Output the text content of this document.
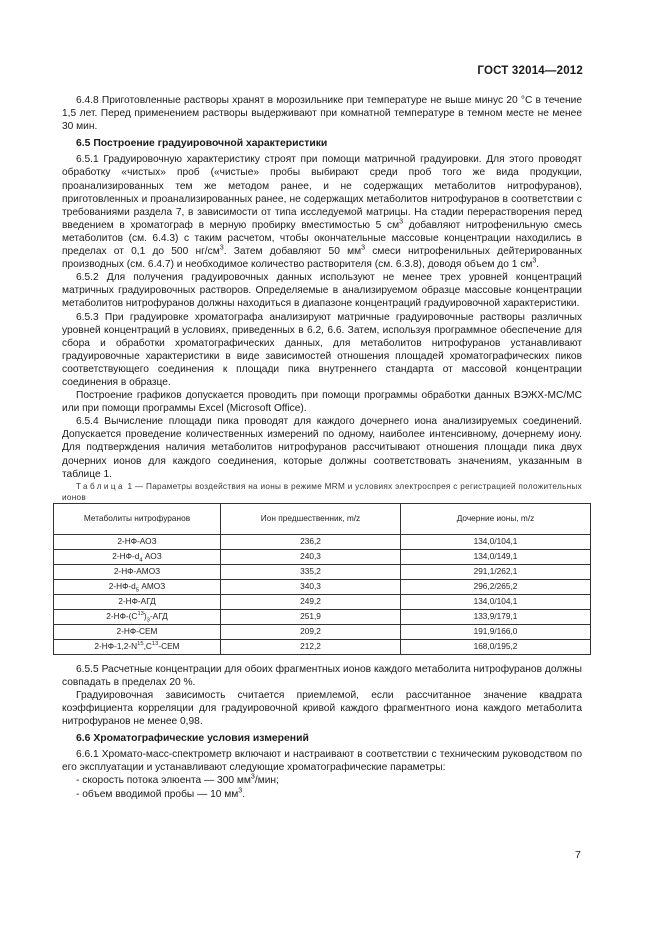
ГОСТ 32014—2012

6.4.8 Приготовленные растворы хранят в морозильнике при температуре не выше минус 20 °С в течение 1,5 лет. Перед применением растворы выдерживают при комнатной температуре в темном месте не менее 30 мин.

6.5 Построение градуировочной характеристики

6.5.1 Градуировочную характеристику строят при помощи матричной градуировки. Для этого проводят обработку «чистых» проб («чистые» пробы выбирают среди проб того же вида продукции, проанализированных тем же методом ранее, и не содержащих метаболитов нитрофуранов), приготовленных и проанализированных ранее, не содержащих метаболитов нитрофуранов в соответствии с требованиями раздела 7, в зависимости от типа исследуемой матрицы. На стадии перерастворения перед введением в хроматограф в мерную пробирку вместимостью 5 $см^3$ добавляют нитрофенильную смесь метаболитов (см. 6.4.3) с таким расчетом, чтобы окончательные массовые концентрации находились в пределах от 0,1 до 500 $нг/см^3$. Затем добавляют 50 $мм^3$ смеси нитрофенильных дейтерированных производных (см. 6.4.7) и необходимое количество растворителя (см. 6.3.8), доводя объем до 1 $см^3$.

6.5.2 Для получения градуировочных данных используют не менее трех уровней концентраций матричных градуировочных растворов. Определяемые в анализируемом образце массовые концентрации метаболитов нитрофуранов должны находиться в диапазоне концентраций градуировочной характеристики.

6.5.3 При градуировке хроматографа анализируют матричные градуировочные растворы различных уровней концентраций в условиях, приведенных в 6.2, 6.6. Затем, используя программное обеспечение для сбора и обработки хроматографических данных, для метаболитов нитрофуранов устанавливают градуировочные характеристики в виде зависимостей отношения площадей хроматографических пиков соответствующего соединения к площади пика внутреннего стандарта от массовой концентрации соединения в образце.

Построение графиков допускается проводить при помощи программы обработки данных ВЭЖХ-МС/МС или при помощи программы Excel (Microsoft Office).

6.5.4 Вычисление площади пика проводят для каждого дочернего иона анализируемых соединений. Допускается проведение количественных измерений по одному, наиболее интенсивному, дочернему иону. Для подтверждения наличия метаболитов нитрофуранов рассчитывают отношения площади пика двух дочерних ионов для каждого соединения, которые должны соответствовать значениям, указанным в таблице 1.

Таблица 1 — Параметры воздействия на ионы в режиме MRM и условиях электроспрея с регистрацией положительных ионов

Метаболиты нитрофуранов	Ион предшественник, m/z	Дочерние ионы, m/z
2-НФ-АОЗ	236,2	134,0/104,1
$2-НФ-d_4$ АОЗ	240,3	134,0/149,1
2-НФ-АМОЗ	335,2	291,1/262,1
$2-НФ-d_5$ АМОЗ	340,3	296,2/265,2
2-НФ-АГД	249,2	134,0/104,1
$2-НФ-(С^{13})_3$-АГД	251,9	133,9/179,1
2-НФ-СЕМ	209,2	191,9/166,0
$2-НФ-1,2-N^{15},С^{13}$-СЕМ	212,2	168,0/195,2

6.5.5 Расчетные концентрации для обоих фрагментных ионов каждого метаболита нитрофуранов должны совпадать в пределах 20 %.

Градуировочная зависимость считается приемлемой, если рассчитанное значение квадрата коэффициента корреляции для градуировочной кривой каждого фрагментного иона каждого метаболита нитрофуранов не менее 0,98.

6.6 Хроматографические условия измерений

6.6.1 Хромато-масс-спектрометр включают и настраивают в соответствии с техническим руководством по его эксплуатации и устанавливают следующие хроматографические параметры:

- скорость потока элюента — 300 $мм^3$/мин;

- объем вводимой пробы — 10 $мм^3$.

7
